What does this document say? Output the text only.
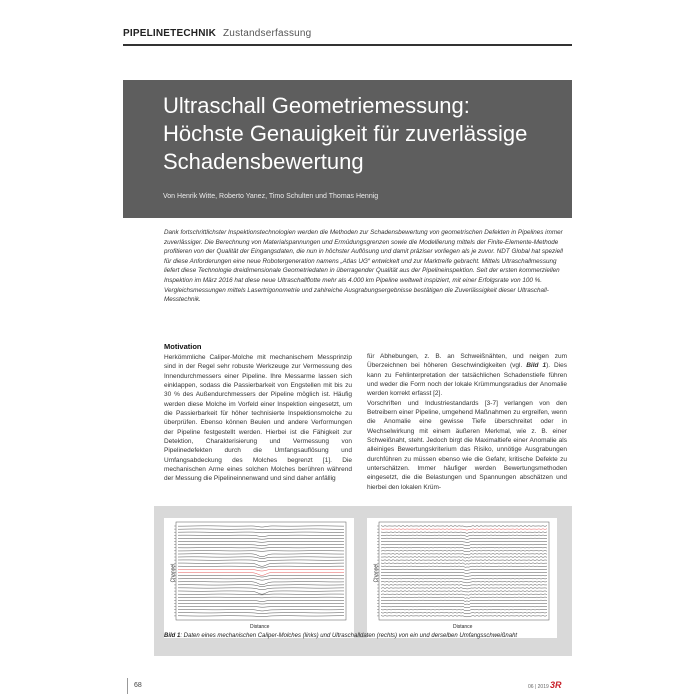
PIPELINETECHNIK Zustandserfassung
Ultraschall Geometriemessung:
Höchste Genauigkeit für zuverlässige
Schadensbewertung
Von Henrik Witte, Roberto Yanez, Timo Schulten und Thomas Hennig

Dank fortschrittlichster Inspektionstechnologien werden die Methoden zur Schadensbewertung von geometrischen Defekten in Pipelines immer zuverlässiger. Die Berechnung von Materialspannungen und Ermüdungsgrenzen sowie die Modellierung mittels der Finite-Elemente-Methode profitieren von der Qualität der Eingangsdaten, die nun in höchster Auflösung und damit präziser vorliegen als je zuvor. NDT Global hat speziell für diese Anforderungen eine neue Robotergeneration namens „Atlas UG“ entwickelt und zur Marktreife gebracht. Mittels Ultraschallmessung liefert diese Technologie dreidimensionale Geometriedaten in überragender Qualität aus der Pipelineinspektion. Seit der ersten kommerziellen Inspektion im März 2016 hat diese neue Ultraschallflotte mehr als 4.000 km Pipeline weltweit inspiziert, mit einer Erfolgsrate von 100 %. Vergleichsmessungen mittels Lasertrigonometrie und zahlreiche Ausgrabungsergebnisse bestätigen die Zuverlässigkeit dieser Ultraschall-Messtechnik.

Motivation

Herkömmliche Caliper-Molche mit mechanischem Messprinzip sind in der Regel sehr robuste Werkzeuge zur Vermessung des Innendurchmessers einer Pipeline. Ihre Messarme lassen sich einklappen, sodass die Passierbarkeit von Engstellen mit bis zu 30 % des Außendurchmessers der Pipeline möglich ist. Häufig werden diese Molche im Vorfeld einer Inspektion eingesetzt, um die Passierbarkeit für höher technisierte Inspektionsmolche zu überprüfen. Ebenso können Beulen und andere Verformungen der Pipeline festgestellt werden. Hierbei ist die Fähigkeit zur Detektion, Charakterisierung und Vermessung von Pipelinedefekten durch die Umfangsauflösung und Umfangsabdeckung des Molches begrenzt [1]. Die mechanischen Arme eines solchen Molches berühren während der Messung die Pipelineinnenwand und sind daher anfällig

für Abhebungen, z. B. an Schweißnähten, und neigen zum Überzeichnen bei höheren Geschwindigkeiten (vgl. Bild 1). Dies kann zu Fehlinterpretation der tatsächlichen Schadenstiefe führen und weder die Form noch der lokale Krümmungsradius der Anomalie werden korrekt erfasst [2].

Vorschriften und Industriestandards [3-7] verlangen von den Betreibern einer Pipeline, umgehend Maßnahmen zu ergreifen, wenn die Anomalie eine gewisse Tiefe überschreitet oder in Wechselwirkung mit einem äußeren Merkmal, wie z. B. einer Schweißnaht, steht. Jedoch birgt die Maximaltiefe einer Anomalie als alleiniges Bewertungskriterium das Risiko, unnötige Ausgrabungen durchführen zu müssen ebenso wie die Gefahr, kritische Defekte zu unterschätzen. Immer häufiger werden Bewertungsmethoden eingesetzt, die die Belastungen und Spannungen abschätzen und hierbei den lokalen Krüm-

Channel
Distance
Channel
Distance
Bild 1: Daten eines mechanischen Caliper-Molches (links) und Ultraschalldaten (rechts) von ein und derselben Umfangsschweißnaht
68	06 | 2019 3R
